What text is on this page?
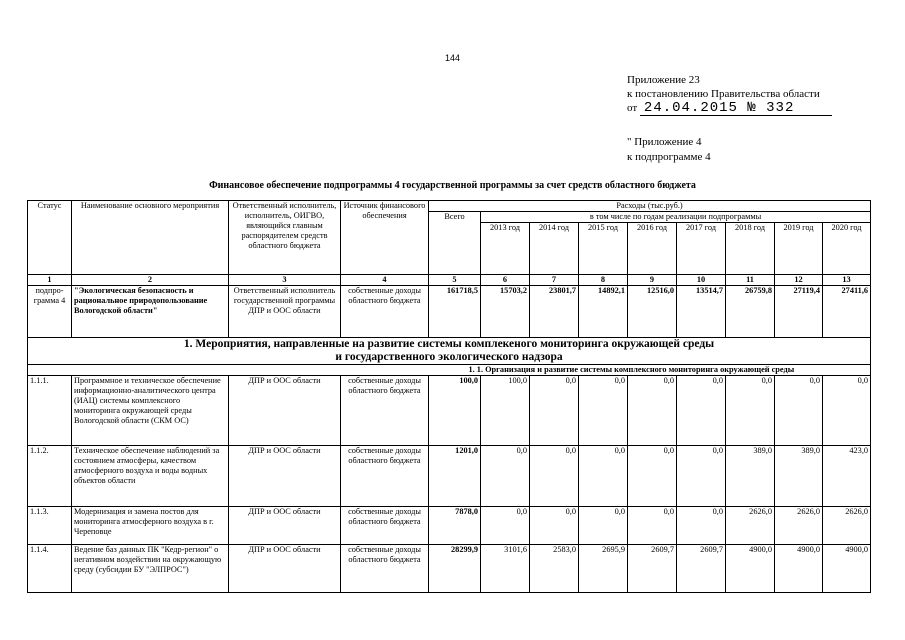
144
Приложение 23
к постановлению Правительства области
от 24.04.2015 № 332
" Приложение 4
к подпрограмме 4
Финансовое обеспечение подпрограммы 4 государственной программы за счет средств областного бюджета
Статус	Наименование основного мероприятия	Ответственный исполнитель, исполнитель, ОИГВО, являющийся главным распорядителем средств областного бюджета	Источник финансового обеспечения	Расходы (тыс.руб.)								
				Всего	в том числе по годам реализации подпрограммы							
					2013 год	2014 год	2015 год	2016 год	2017 год	2018 год	2019 год	2020 год
1	2	3	4	5	6	7	8	9	10	11	12	13
подпро-грамма 4	"Экологическая безопасность и рациональное природопользование Вологодской области"	Ответственный исполнитель государственной программы ДПР и ООС области	собственные доходы областного бюджета	161718,5	15703,2	23801,7	14892,1	12516,0	13514,7	26759,8	27119,4	27411,6

1. Мероприятия, направленные на развитие системы комплекеного мониторинга окружающей среды
и государственного экологического надзора												

				1. 1. Организация и развитие системы комплексного мониторинга окружающей среды								
1.1.1.	Программное и техническое обеспечение информационно-аналитического центра (ИАЦ) системы комплексного мониторинга окружающей среды Вологодской области (СКМ ОС)	ДПР и ООС области	собственные доходы областного бюджета	100,0	100,0	0,0	0,0	0,0	0,0	0,0	0,0	0,0
1.1.2.	Техническое обеспечение наблюдений за состоянием атмосферы, качеством атмосферного воздуха и воды водных объектов области	ДПР и ООС области	собственные доходы областного бюджета	1201,0	0,0	0,0	0,0	0,0	0,0	389,0	389,0	423,0
1.1.3.	Модернизация и замена постов для мониторинга атмосферного воздуха в г. Череповце	ДПР и ООС области	собственные доходы областного бюджета	7878,0	0,0	0,0	0,0	0,0	0,0	2626,0	2626,0	2626,0
1.1.4.	Ведение баз данных ПК "Кедр-регион" о негативном воздействии на окружающую среду (субсидии БУ "ЭЛПРОС")	ДПР и ООС области	собственные доходы областного бюджета	28299,9	3101,6	2583,0	2695,9	2609,7	2609,7	4900,0	4900,0	4900,0
